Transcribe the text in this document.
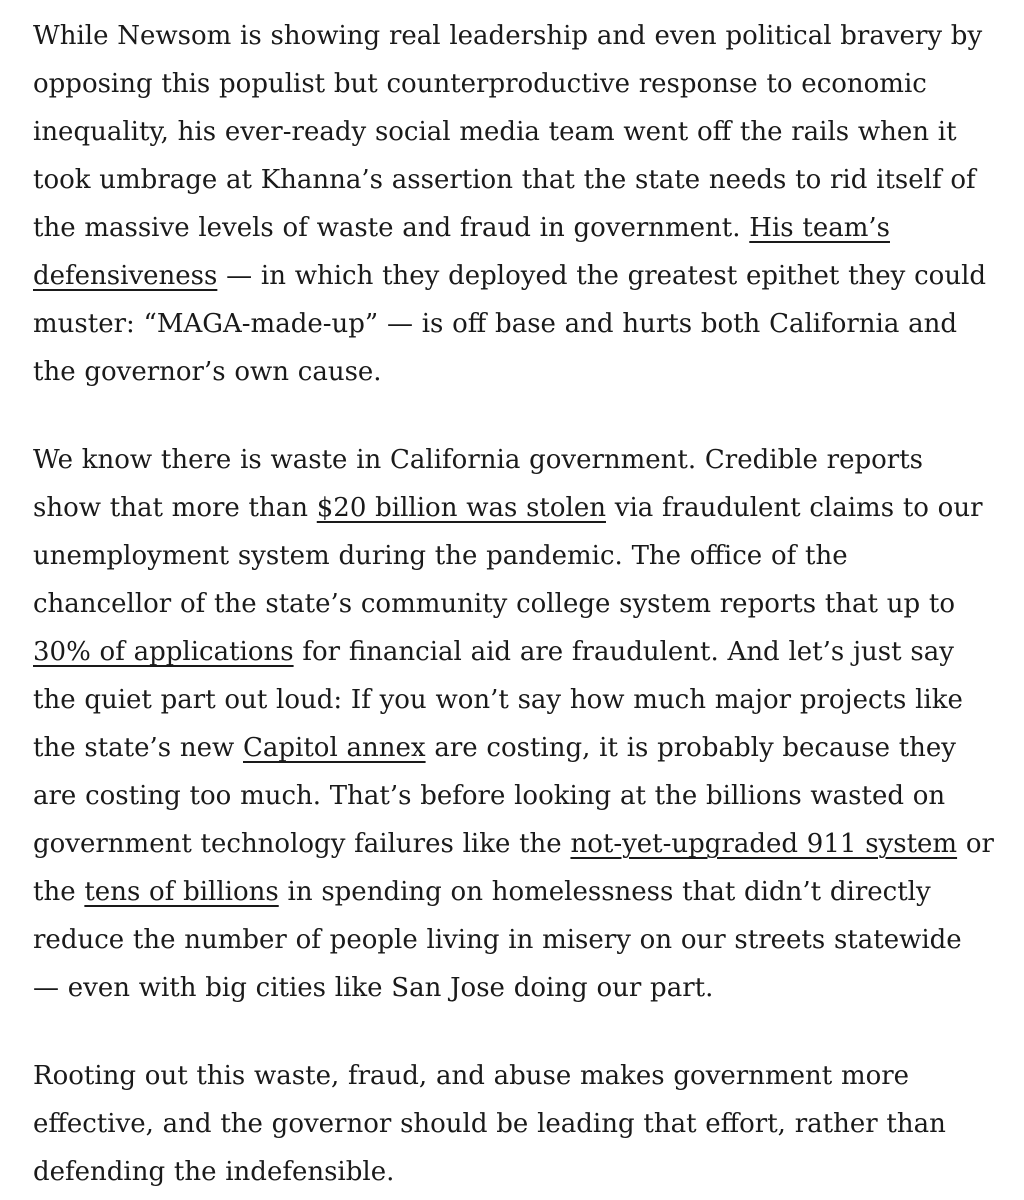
While Newsom is showing real leadership and even political bravery by opposing this populist but counterproductive response to economic inequality, his ever-ready social media team went off the rails when it took umbrage at Khanna’s assertion that the state needs to rid itself of the massive levels of waste and fraud in government. His team’s defensiveness — in which they deployed the greatest epithet they could muster: “MAGA-made-up” — is off base and hurts both California and the governor’s own cause.

We know there is waste in California government. Credible reports show that more than $20 billion was stolen via fraudulent claims to our unemployment system during the pandemic. The office of the chancellor of the state’s community college system reports that up to 30% of applications for financial aid are fraudulent. And let’s just say the quiet part out loud: If you won’t say how much major projects like the state’s new Capitol annex are costing, it is probably because they are costing too much. That’s before looking at the billions wasted on government technology failures like the not-yet-upgraded 911 system or the tens of billions in spending on homelessness that didn’t directly reduce the number of people living in misery on our streets statewide — even with big cities like San Jose doing our part.

Rooting out this waste, fraud, and abuse makes government more effective, and the governor should be leading that effort, rather than defending the indefensible.
